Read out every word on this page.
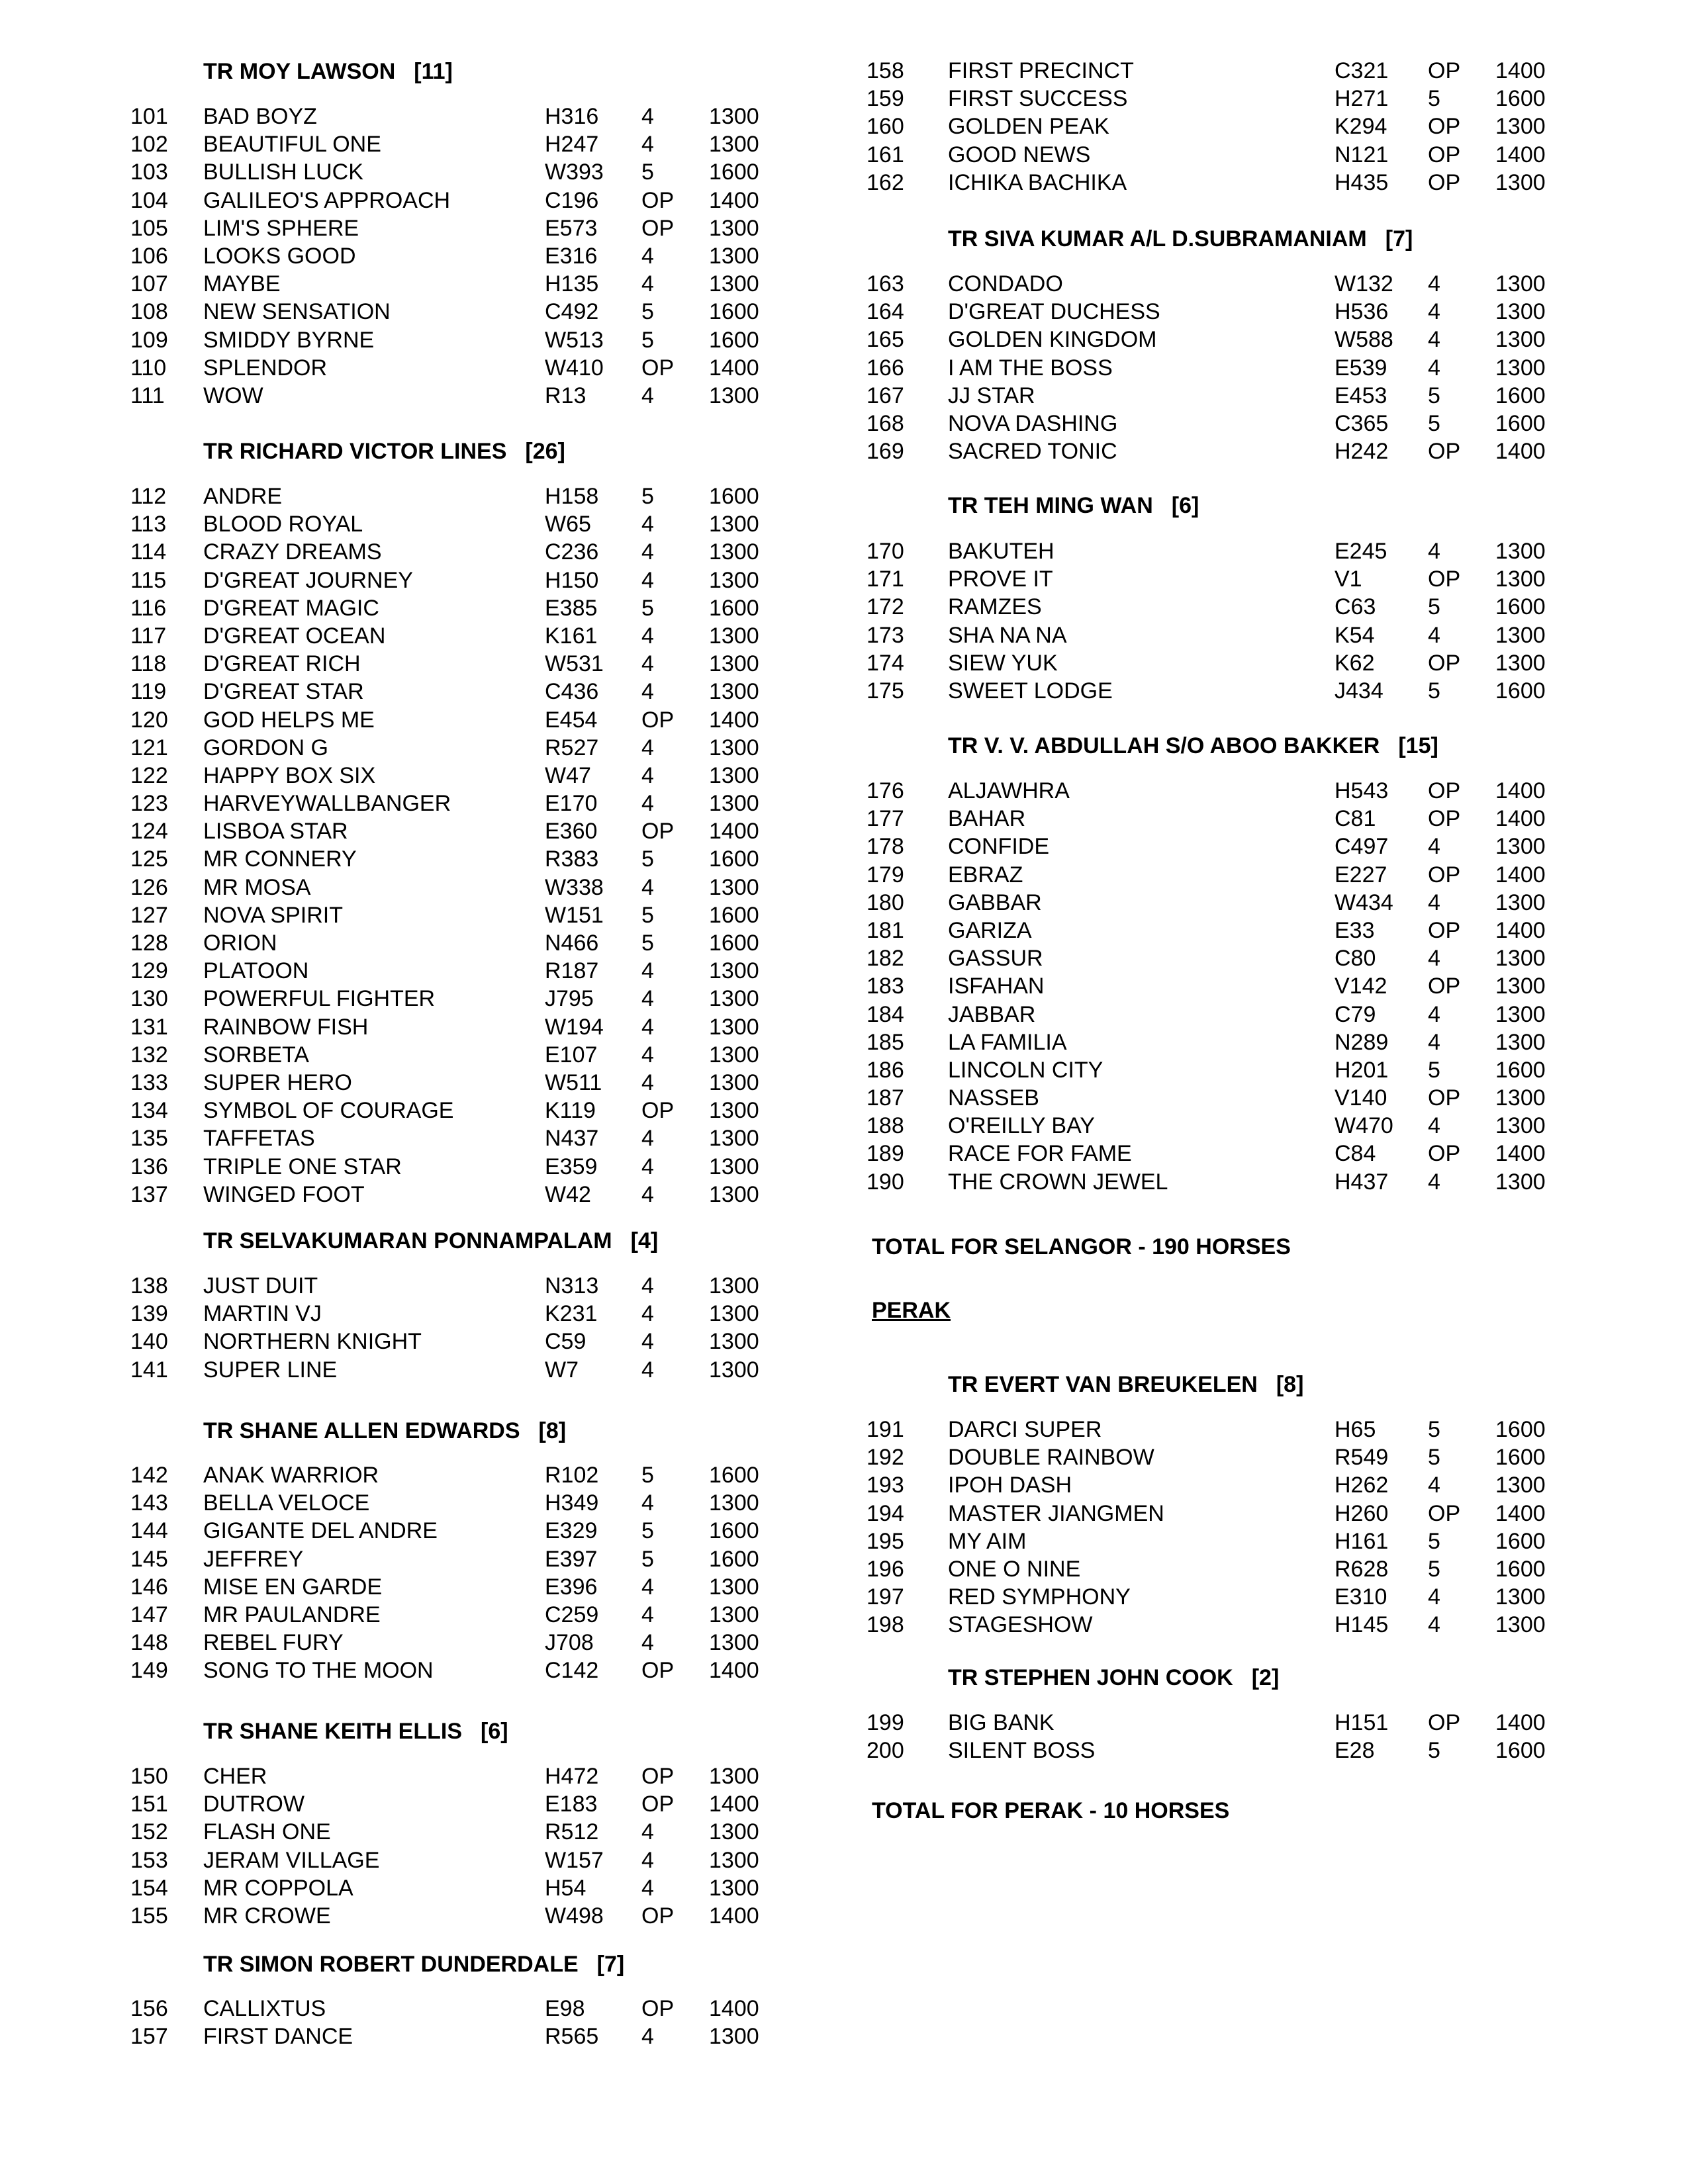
TR MOY LAWSON [11]
101 BAD BOYZ	H316 4 1300
102 BEAUTIFUL ONE	H247 4 1300
103 BULLISH LUCK	W393 5 1600
104 GALILEO'S APPROACH	C196 OP 1400
105 LIM'S SPHERE	E573 OP 1300
106 LOOKS GOOD	E316 4 1300
107 MAYBE	H135 4 1300
108 NEW SENSATION	C492 5 1600
109 SMIDDY BYRNE	W513 5 1600
110 SPLENDOR	W410 OP 1400
111 WOW	R13 4 1300
TR RICHARD VICTOR LINES [26]
112 ANDRE	H158 5 1600
113 BLOOD ROYAL	W65 4 1300
114 CRAZY DREAMS	C236 4 1300
115 D'GREAT JOURNEY	H150 4 1300
116 D'GREAT MAGIC	E385 5 1600
117 D'GREAT OCEAN	K161 4 1300
118 D'GREAT RICH	W531 4 1300
119 D'GREAT STAR	C436 4 1300
120 GOD HELPS ME	E454 OP 1400
121 GORDON G	R527 4 1300
122 HAPPY BOX SIX	W47 4 1300
123 HARVEYWALLBANGER	E170 4 1300
124 LISBOA STAR	E360 OP 1400
125 MR CONNERY	R383 5 1600
126 MR MOSA	W338 4 1300
127 NOVA SPIRIT	W151 5 1600
128 ORION	N466 5 1600
129 PLATOON	R187 4 1300
130 POWERFUL FIGHTER	J795 4 1300
131 RAINBOW FISH	W194 4 1300
132 SORBETA	E107 4 1300
133 SUPER HERO	W511 4 1300
134 SYMBOL OF COURAGE	K119 OP 1300
135 TAFFETAS	N437 4 1300
136 TRIPLE ONE STAR	E359 4 1300
137 WINGED FOOT	W42 4 1300
TR SELVAKUMARAN PONNAMPALAM [4]
138 JUST DUIT	N313 4 1300
139 MARTIN VJ	K231 4 1300
140 NORTHERN KNIGHT	C59 4 1300
141 SUPER LINE	W7	4 1300
TR SHANE ALLEN EDWARDS [8]
142 ANAK WARRIOR	R102 5 1600
143 BELLA VELOCE	H349 4 1300
144 GIGANTE DEL ANDRE	E329 5 1600
145 JEFFREY	E397 5 1600
146 MISE EN GARDE	E396 4 1300
147 MR PAULANDRE	C259 4 1300
148 REBEL FURY	J708 4 1300
149 SONG TO THE MOON	C142 OP 1400
TR SHANE KEITH ELLIS [6]
150 CHER	H472 OP 1300
151 DUTROW	E183 OP 1400
152 FLASH ONE	R512 4 1300
153 JERAM VILLAGE	W157 4 1300
154 MR COPPOLA	H54 4 1300
155 MR CROWE	W498 OP 1400
TR SIMON ROBERT DUNDERDALE [7]
156 CALLIXTUS	E98	OP 1400
157 FIRST DANCE	R565 4 1300
158 FIRST PRECINCT	C321 OP 1400
159 FIRST SUCCESS	H271 5 1600
160 GOLDEN PEAK	K294 OP 1300
161 GOOD NEWS	N121 OP 1400
162 ICHIKA BACHIKA	H435 OP 1300
TR SIVA KUMAR A/L D.SUBRAMANIAM [7]
163 CONDADO	W132 4 1300
164 D'GREAT DUCHESS	H536 4 1300
165 GOLDEN KINGDOM	W588 4 1300
166 I AM THE BOSS	E539 4 1300
167 JJ STAR	E453 5 1600
168 NOVA DASHING	C365 5 1600
169 SACRED TONIC	H242 OP 1400
TR TEH MING WAN [6]
170 BAKUTEH	E245 4 1300
171 PROVE IT	V1	OP 1300
172 RAMZES	C63 5 1600
173 SHA NA NA	K54 4 1300
174 SIEW YUK	K62 OP 1300
175 SWEET LODGE	J434 5 1600
TR V. V. ABDULLAH S/O ABOO BAKKER [15]
176 ALJAWHRA	H543 OP 1400
177 BAHAR	C81 OP 1400
178 CONFIDE	C497 4 1300
179 EBRAZ	E227 OP 1400
180 GABBAR	W434 4 1300
181 GARIZA	E33 OP 1400
182 GASSUR	C80 4 1300
183 ISFAHAN	V142 OP 1300
184 JABBAR	C79 4 1300
185 LA FAMILIA	N289 4 1300
186 LINCOLN CITY	H201 5 1600
187 NASSEB	V140 OP 1300
188 O'REILLY BAY	W470 4 1300
189 RACE FOR FAME	C84 OP 1400
190 THE CROWN JEWEL	H437 4 1300
TR EVERT VAN BREUKELEN [8]
191 DARCI SUPER	H65 5 1600
192 DOUBLE RAINBOW	R549 5 1600
193 IPOH DASH	H262 4 1300
194 MASTER JIANGMEN	H260 OP 1400
195 MY AIM	H161 5 1600
196 ONE O NINE	R628 5 1600
197 RED SYMPHONY	E310 4 1300
198 STAGESHOW	H145 4 1300
TR STEPHEN JOHN COOK [2]
199 BIG BANK	H151 OP 1400
200 SILENT BOSS	E28 5 1600
TOTAL FOR SELANGOR - 190 HORSES
PERAK
TOTAL FOR PERAK - 10 HORSES
